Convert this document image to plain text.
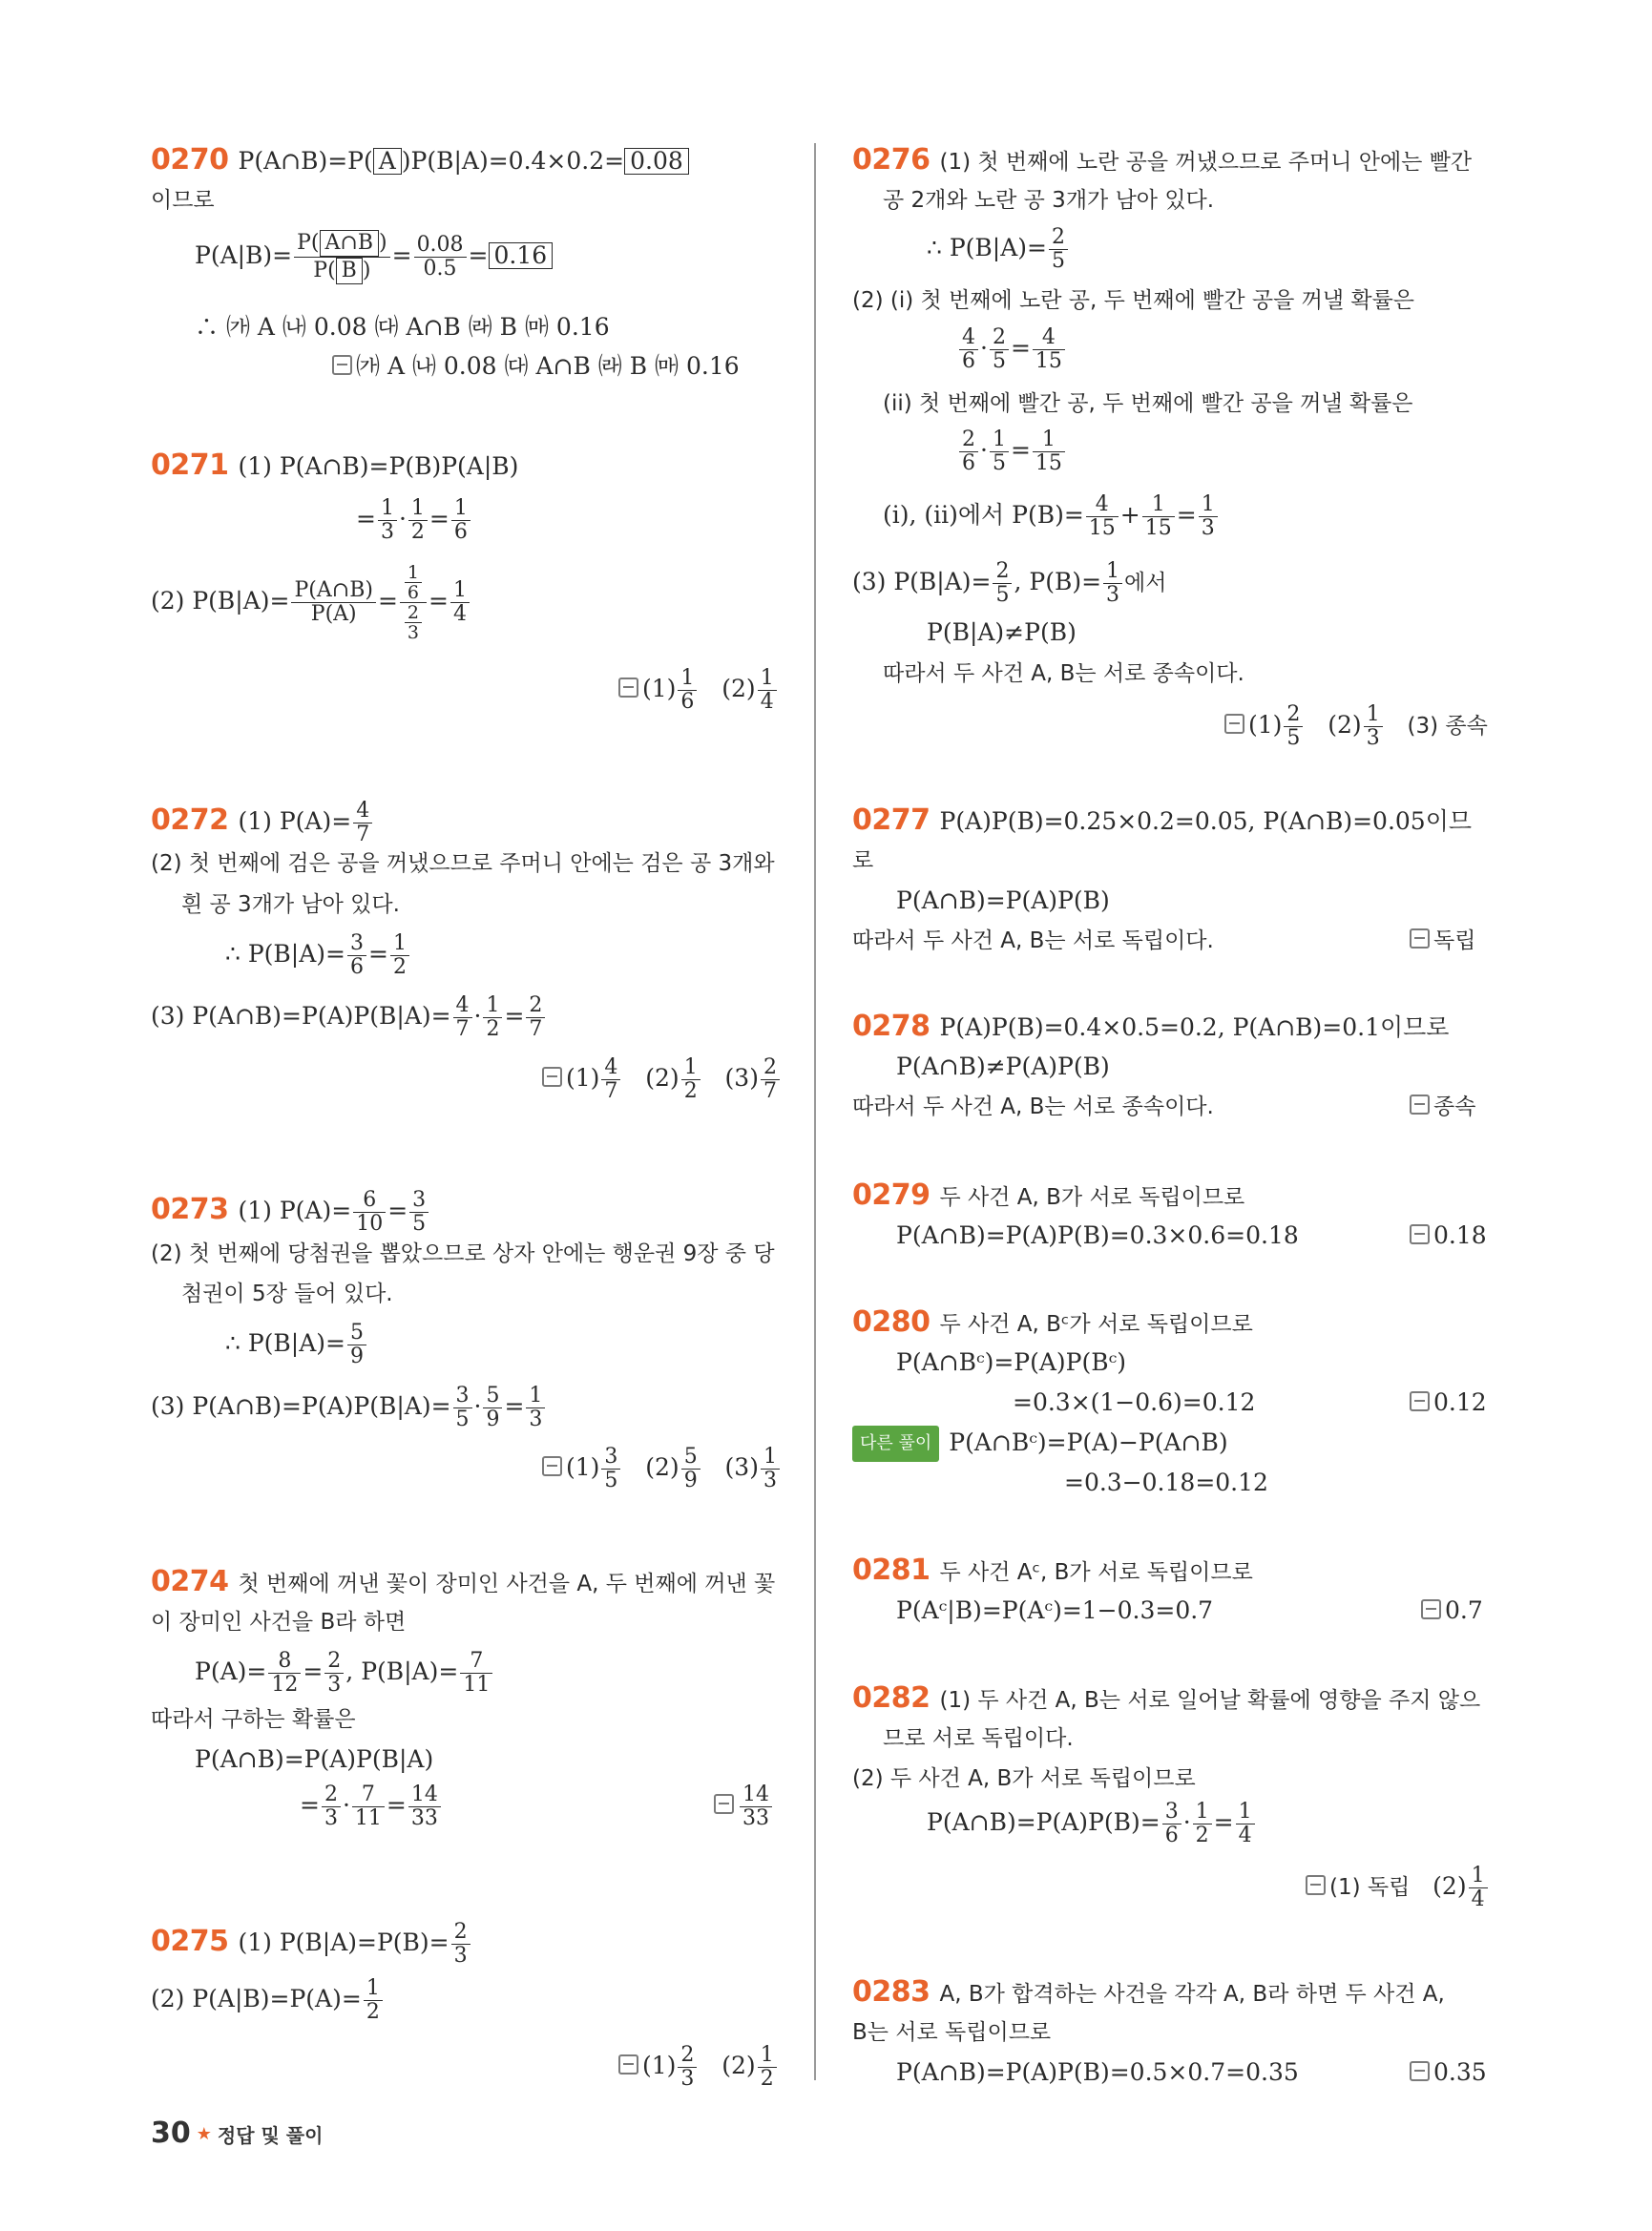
0270 P(A∩B)=P( A )P(B|A)=0.4×0.2= 0.08
이므로
$P(A|B)= \frac{P( A\cap B )}{P( B )} = \frac{0.08}{0.5} = 0.16$
∴ ㈎ A ㈏ 0.08 ㈐ A∩B ㈑ B ㈒ 0.16
㈎ A ㈏ 0.08 ㈐ A∩B ㈑ B ㈒ 0.16
0271 (1) P(A∩B)=P(B)P(A|B)
= $\frac{1}{3} \cdot \frac{1}{2} = \frac{1}{6}$
(2) $P(B|A)= \frac{P(A\cap B)}{P(A)} = \frac{\frac{1}{6}}{\frac{2}{3}} = \frac{1}{4}$
$(1) \frac{1}{6} (2) \frac{1}{4}$
0272 (1) $P(A)= \frac{4}{7}$
(2) 첫 번째에 검은 공을 꺼냈으므로 주머니 안에는 검은 공 3개와
흰 공 3개가 남아 있다.
∴ $P(B|A)= \frac{3}{6} = \frac{1}{2}$
(3) P(A∩B)=P(A)P(B|A)= $\frac{4}{7} \cdot \frac{1}{2} = \frac{2}{7}$
$(1) \frac{4}{7} (2) \frac{1}{2} (3) \frac{2}{7}$
0273 (1) $P(A)= \frac{6}{10} = \frac{3}{5}$
(2) 첫 번째에 당첨권을 뽑았으므로 상자 안에는 행운권 9장 중 당
첨권이 5장 들어 있다.
∴ $P(B|A)= \frac{5}{9}$
(3) P(A∩B)=P(A)P(B|A)= $\frac{3}{5} \cdot \frac{5}{9} = \frac{1}{3}$
$(1) \frac{3}{5} (2) \frac{5}{9} (3) \frac{1}{3}$
0274 첫 번째에 꺼낸 꽃이 장미인 사건을 A, 두 번째에 꺼낸 꽃
이 장미인 사건을 B라 하면
$P(A)= \frac{8}{12} = \frac{2}{3}$ , $P(B|A)= \frac{7}{11}$
따라서 구하는 확률은
P(A∩B)=P(A)P(B|A)
= $\frac{2}{3} \cdot \frac{7}{11} = \frac{14}{33}$	$\frac{14}{33}$
0275 (1) $P(B|A)=P(B)= \frac{2}{3}$
(2) $P(A|B)=P(A)= \frac{1}{2}$
$(1) \frac{2}{3} (2) \frac{1}{2}$
0276 (1) 첫 번째에 노란 공을 꺼냈으므로 주머니 안에는 빨간
공 2개와 노란 공 3개가 남아 있다.
∴ $P(B|A)= \frac{2}{5}$
(2) (i) 첫 번째에 노란 공, 두 번째에 빨간 공을 꺼낼 확률은
$\frac{4}{6} \cdot \frac{2}{5} = \frac{4}{15}$
(ii) 첫 번째에 빨간 공, 두 번째에 빨간 공을 꺼낼 확률은
$\frac{2}{6} \cdot \frac{1}{5} = \frac{1}{15}$
(i), (ii)에서 $P(B)= \frac{4}{15} + \frac{1}{15} = \frac{1}{3}$
(3) $P(B|A)= \frac{2}{5}$ , $P(B)= \frac{1}{3}$ 에서
P(B|A)≠P(B)
따라서 두 사건 A, B는 서로 종속이다.
$(1) \frac{2}{5} (2) \frac{1}{3} (3)$ 종속
0277 P(A)P(B)=0.25×0.2=0.05, P(A∩B)=0.05이므
로
P(A∩B)=P(A)P(B)
따라서 두 사건 A, B는 서로 독립이다.	독립
0278 P(A)P(B)=0.4×0.5=0.2, P(A∩B)=0.1이므로
P(A∩B)≠P(A)P(B)
따라서 두 사건 A, B는 서로 종속이다.	종속
0279 두 사건 A, B가 서로 독립이므로
P(A∩B)=P(A)P(B)=0.3×0.6=0.18	0.18
0280 두 사건 A, Bᶜ가 서로 독립이므로
P(A∩Bᶜ)=P(A)P(Bᶜ)
=0.3×(1−0.6)=0.12	0.12
다른 풀이 P(A∩Bᶜ)=P(A)−P(A∩B)
=0.3−0.18=0.12
0281 두 사건 Aᶜ, B가 서로 독립이므로
P(Aᶜ|B)=P(Aᶜ)=1−0.3=0.7	0.7
0282 (1) 두 사건 A, B는 서로 일어날 확률에 영향을 주지 않으
므로 서로 독립이다.
(2) 두 사건 A, B가 서로 독립이므로
P(A∩B)=P(A)P(B)= $\frac{3}{6} \cdot \frac{1}{2} = \frac{1}{4}$
(1) 독립 $(2) \frac{1}{4}$
0283 A, B가 합격하는 사건을 각각 A, B라 하면 두 사건 A,
B는 서로 독립이므로
P(A∩B)=P(A)P(B)=0.5×0.7=0.35	0.35
30 ★ 정답 및 풀이
